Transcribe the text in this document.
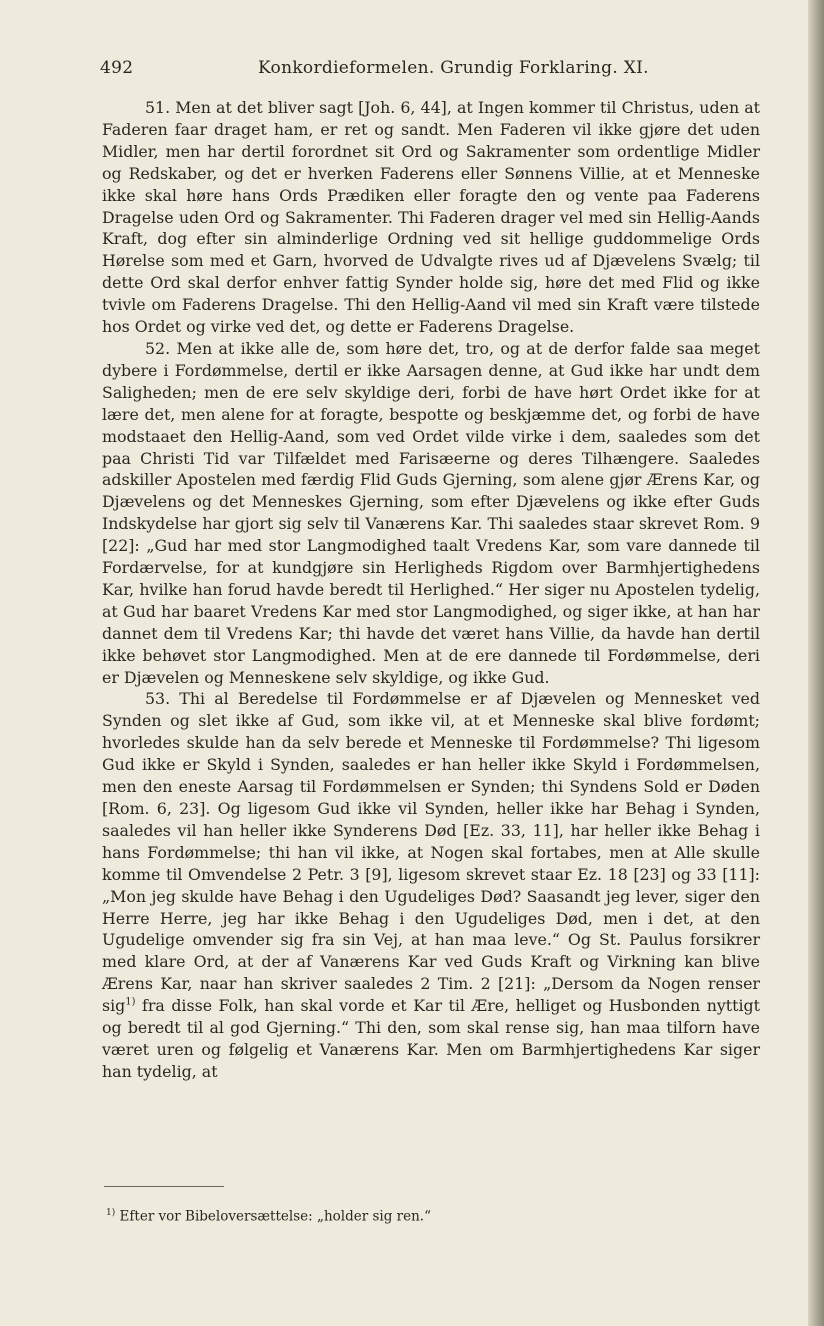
492	Konkordieformelen. Grundig Forklaring. XI.

51. Men at det bliver sagt [Joh. 6, 44], at Ingen kommer til Christus, uden at Faderen faar draget ham, er ret og sandt. Men Faderen vil ikke gjøre det uden Midler, men har dertil forordnet sit Ord og Sakramenter som ordentlige Midler og Redskaber, og det er hverken Faderens eller Sønnens Villie, at et Menneske ikke skal høre hans Ords Prædiken eller foragte den og vente paa Faderens Dragelse uden Ord og Sakramenter. Thi Faderen drager vel med sin Hellig-Aands Kraft, dog efter sin alminderlige Ordning ved sit hellige guddommelige Ords Hørelse som med et Garn, hvorved de Udvalgte rives ud af Djævelens Svælg; til dette Ord skal derfor enhver fattig Synder holde sig, høre det med Flid og ikke tvivle om Faderens Dragelse. Thi den Hellig-Aand vil med sin Kraft være tilstede hos Ordet og virke ved det, og dette er Faderens Dragelse.

52. Men at ikke alle de, som høre det, tro, og at de derfor falde saa meget dybere i Fordømmelse, dertil er ikke Aarsagen denne, at Gud ikke har undt dem Saligheden; men de ere selv skyldige deri, forbi de have hørt Ordet ikke for at lære det, men alene for at foragte, bespotte og beskjæmme det, og forbi de have modstaaet den Hellig-Aand, som ved Ordet vilde virke i dem, saaledes som det paa Christi Tid var Tilfældet med Farisæerne og deres Tilhængere. Saaledes adskiller Apostelen med færdig Flid Guds Gjerning, som alene gjør Ærens Kar, og Djævelens og det Menneskes Gjerning, som efter Djævelens og ikke efter Guds Indskydelse har gjort sig selv til Vanærens Kar. Thi saaledes staar skrevet Rom. 9 [22]: „Gud har med stor Langmodighed taalt Vredens Kar, som vare dannede til Fordærvelse, for at kundgjøre sin Herligheds Rigdom over Barmhjertighedens Kar, hvilke han forud havde beredt til Herlighed.“ Her siger nu Apostelen tydelig, at Gud har baaret Vredens Kar med stor Langmodighed, og siger ikke, at han har dannet dem til Vredens Kar; thi havde det været hans Villie, da havde han dertil ikke behøvet stor Langmodighed. Men at de ere dannede til Fordømmelse, deri er Djævelen og Menneskene selv skyldige, og ikke Gud.

53. Thi al Beredelse til Fordømmelse er af Djævelen og Mennesket ved Synden og slet ikke af Gud, som ikke vil, at et Menneske skal blive fordømt; hvorledes skulde han da selv berede et Menneske til Fordømmelse? Thi ligesom Gud ikke er Skyld i Synden, saaledes er han heller ikke Skyld i Fordømmelsen, men den eneste Aarsag til Fordømmelsen er Synden; thi Syndens Sold er Døden [Rom. 6, 23]. Og ligesom Gud ikke vil Synden, heller ikke har Behag i Synden, saaledes vil han heller ikke Synderens Død [Ez. 33, 11], har heller ikke Behag i hans Fordømmelse; thi han vil ikke, at Nogen skal fortabes, men at Alle skulle komme til Omvendelse 2 Petr. 3 [9], ligesom skrevet staar Ez. 18 [23] og 33 [11]: „Mon jeg skulde have Behag i den Ugudeliges Død? Saasandt jeg lever, siger den Herre Herre, jeg har ikke Behag i den Ugudeliges Død, men i det, at den Ugudelige omvender sig fra sin Vej, at han maa leve.“ Og St. Paulus forsikrer med klare Ord, at der af Vanærens Kar ved Guds Kraft og Virkning kan blive Ærens Kar, naar han skriver saaledes 2 Tim. 2 [21]: „Dersom da Nogen renser sig$^{1)}$ fra disse Folk, han skal vorde et Kar til Ære, helliget og Husbonden nyttigt og beredt til al god Gjerning.“ Thi den, som skal rense sig, han maa tilforn have været uren og følgelig et Vanærens Kar. Men om Barmhjertighedens Kar siger han tydelig, at

$^{1)}$ Efter vor Bibeloversættelse: „holder sig ren.“
